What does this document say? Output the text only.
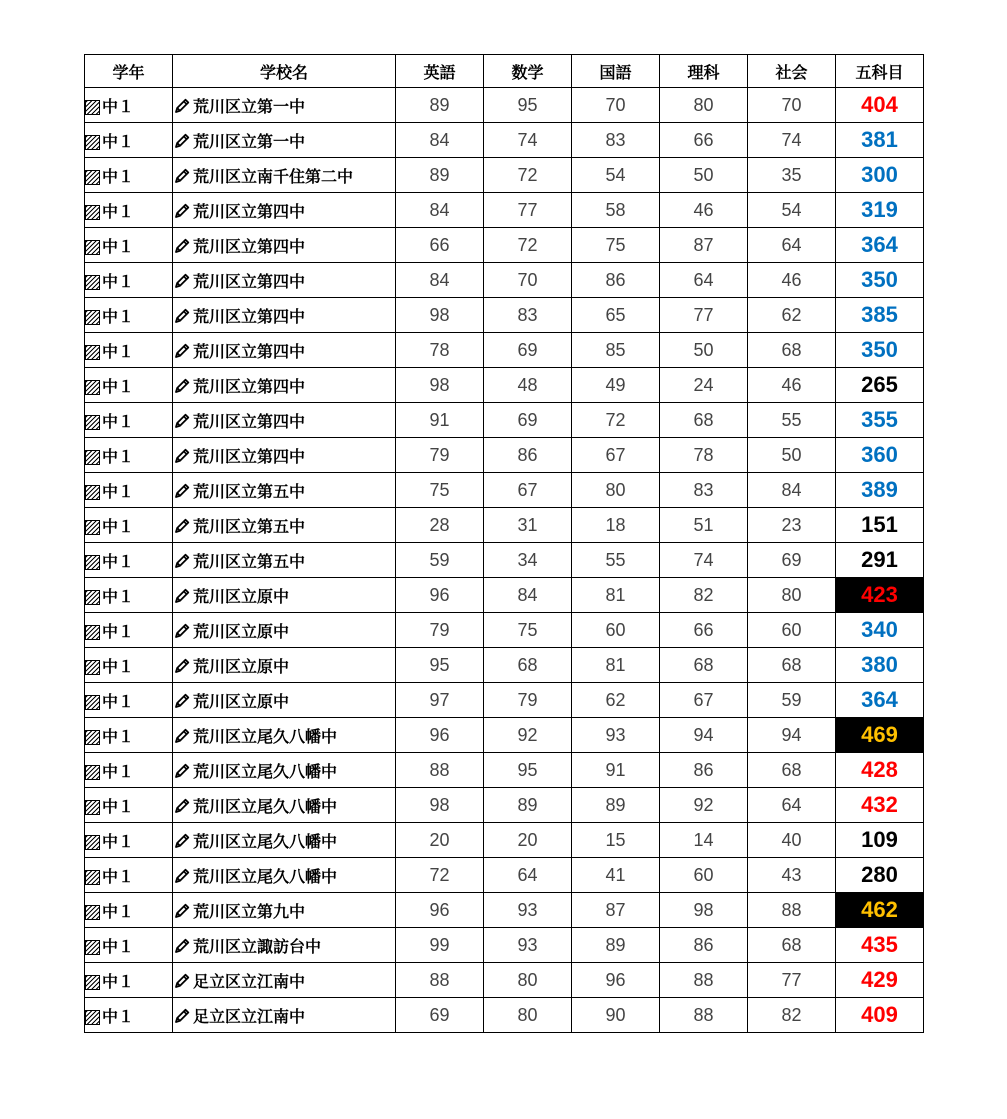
学年	学校名	英語	数学	国語	理科	社会	五科目
中１	荒川区立第一中	89	95	70	80	70	404
中１	荒川区立第一中	84	74	83	66	74	381
中１	荒川区立南千住第二中	89	72	54	50	35	300
中１	荒川区立第四中	84	77	58	46	54	319
中１	荒川区立第四中	66	72	75	87	64	364
中１	荒川区立第四中	84	70	86	64	46	350
中１	荒川区立第四中	98	83	65	77	62	385
中１	荒川区立第四中	78	69	85	50	68	350
中１	荒川区立第四中	98	48	49	24	46	265
中１	荒川区立第四中	91	69	72	68	55	355
中１	荒川区立第四中	79	86	67	78	50	360
中１	荒川区立第五中	75	67	80	83	84	389
中１	荒川区立第五中	28	31	18	51	23	151
中１	荒川区立第五中	59	34	55	74	69	291
中１	荒川区立原中	96	84	81	82	80	423
中１	荒川区立原中	79	75	60	66	60	340
中１	荒川区立原中	95	68	81	68	68	380
中１	荒川区立原中	97	79	62	67	59	364
中１	荒川区立尾久八幡中	96	92	93	94	94	469
中１	荒川区立尾久八幡中	88	95	91	86	68	428
中１	荒川区立尾久八幡中	98	89	89	92	64	432
中１	荒川区立尾久八幡中	20	20	15	14	40	109
中１	荒川区立尾久八幡中	72	64	41	60	43	280
中１	荒川区立第九中	96	93	87	98	88	462
中１	荒川区立諏訪台中	99	93	89	86	68	435
中１	足立区立江南中	88	80	96	88	77	429
中１	足立区立江南中	69	80	90	88	82	409
